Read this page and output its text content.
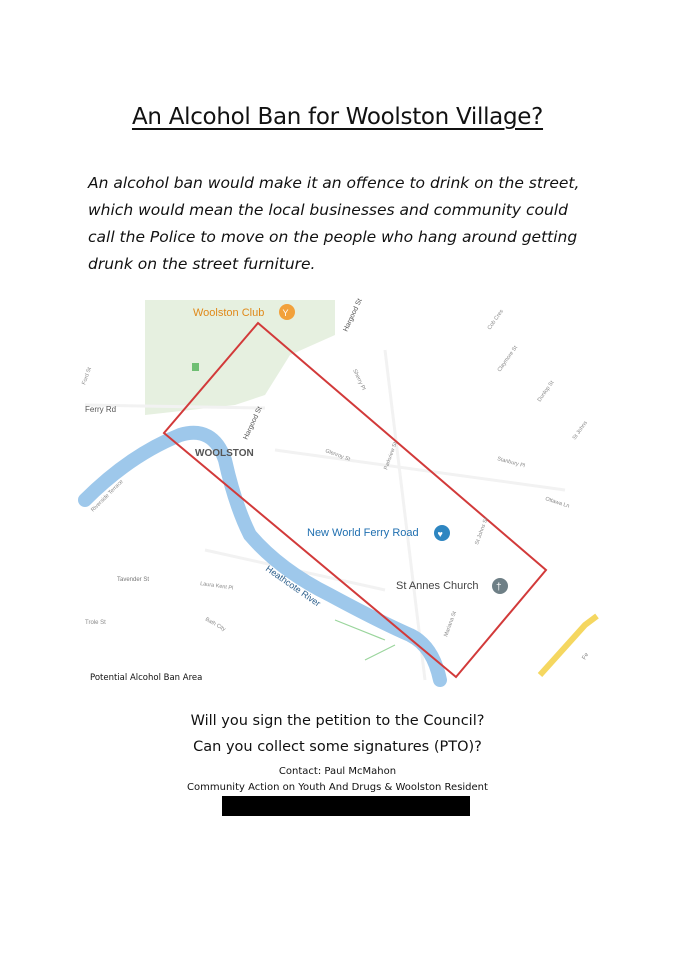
An Alcohol Ban for Woolston Village?
An alcohol ban would make it an offence to drink on the street, which would mean the local businesses and community could call the Police to move on the people who hang around getting drunk on the street furniture.
Y
♥
†
Woolston Club
WOOLSTON
New World Ferry Road
St Annes Church
Heathcote River
Ferry Rd
Hargood St
Hargood St
Glenroy St	Parkview St
St Johns St
Mariana St
Tavender St
Laura Kent Pl
Riverside Terrace
Bath City
Trole St
Cob Cres
Claymore St
Dunlop St
St Johns
Ottawa Ln
Sherry Pl
Stanbury Pl
Ford St
Fe
Potential Alcohol Ban Area
Will you sign the petition to the Council?
Can you collect some signatures (PTO)?
Contact: Paul McMahon
Community Action on Youth And Drugs & Woolston Resident
